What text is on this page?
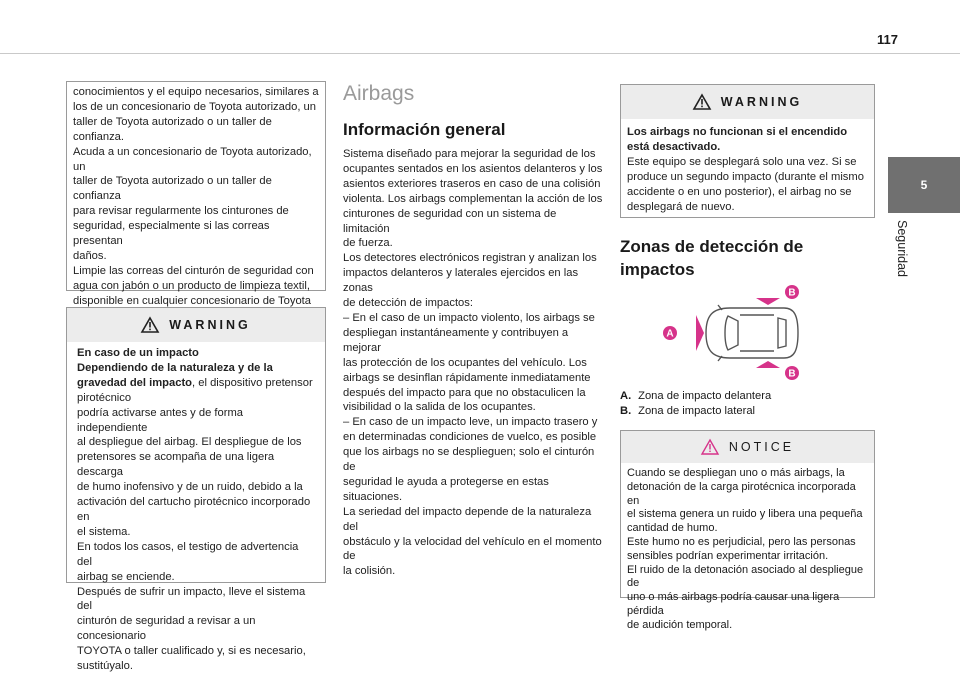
117
5
Seguridad

conocimientos y el equipo necesarios, similares a

los de un concesionario de Toyota autorizado, un

taller de Toyota autorizado o un taller de confianza.

Acuda a un concesionario de Toyota autorizado, un

taller de Toyota autorizado o un taller de confianza

para revisar regularmente los cinturones de

seguridad, especialmente si las correas presentan

daños.

Limpie las correas del cinturón de seguridad con

agua con jabón o un producto de limpieza textil,

disponible en cualquier concesionario de Toyota

WARNING

En caso de un impacto

Dependiendo de la naturaleza y de la gravedad del impacto, el dispositivo pretensor pirotécnico

podría activarse antes y de forma independiente

al despliegue del airbag. El despliegue de los

pretensores se acompaña de una ligera descarga

de humo inofensivo y de un ruido, debido a la

activación del cartucho pirotécnico incorporado en

el sistema.

En todos los casos, el testigo de advertencia del

airbag se enciende.

Después de sufrir un impacto, lleve el sistema del

cinturón de seguridad a revisar a un concesionario

TOYOTA o taller cualificado y, si es necesario,

sustitúyalo.

Airbags
Información general

Sistema diseñado para mejorar la seguridad de los

ocupantes sentados en los asientos delanteros y los

asientos exteriores traseros en caso de una colisión

violenta. Los airbags complementan la acción de los

cinturones de seguridad con un sistema de limitación

de fuerza.

Los detectores electrónicos registran y analizan los

impactos delanteros y laterales ejercidos en las zonas

de detección de impactos:

– En el caso de un impacto violento, los airbags se

despliegan instantáneamente y contribuyen a mejorar

las protección de los ocupantes del vehículo. Los

airbags se desinflan rápidamente inmediatamente

después del impacto para que no obstaculicen la

visibilidad o la salida de los ocupantes.

– En caso de un impacto leve, un impacto trasero y

en determinadas condiciones de vuelco, es posible

que los airbags no se desplieguen; solo el cinturón de

seguridad le ayuda a protegerse en estas situaciones.

La seriedad del impacto depende de la naturaleza del

obstáculo y la velocidad del vehículo en el momento de

la colisión.

WARNING

Los airbags no funcionan si el encendido está desactivado.

Este equipo se desplegará solo una vez. Si se

produce un segundo impacto (durante el mismo

accidente o en uno posterior), el airbag no se

desplegará de nuevo.

Zonas de detección de impactos
A
B
B
A. Zona de impacto delantera
B. Zona de impacto lateral
NOTICE

Cuando se despliegan uno o más airbags, la

detonación de la carga pirotécnica incorporada en

el sistema genera un ruido y libera una pequeña

cantidad de humo.

Este humo no es perjudicial, pero las personas

sensibles podrían experimentar irritación.

El ruido de la detonación asociado al despliegue de

uno o más airbags podría causar una ligera pérdida

de audición temporal.
